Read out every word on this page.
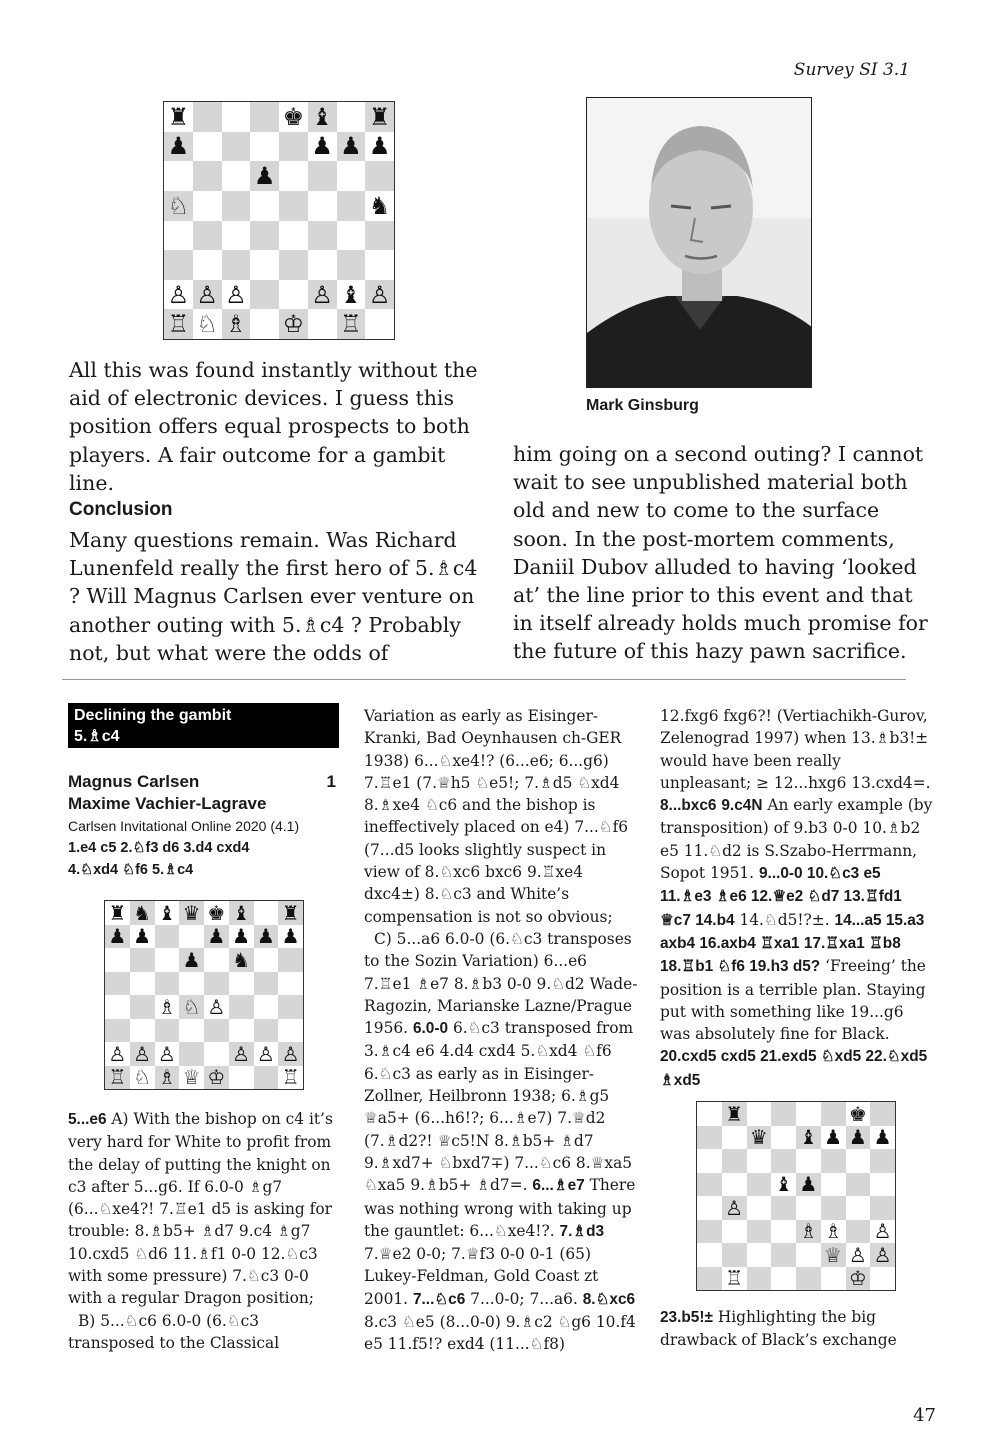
Survey SI 3.1
♜	♚ ♝ ♜
♟	♟ ♟ ♟
♟
♘	♞
♙ ♙ ♙	♙ ♝ ♙
♖ ♘ ♗ ♔ ♖
Mark Ginsburg

All this was found instantly without the aid of electronic devices. I guess this position offers equal prospects to both players. A fair outcome for a gambit line.

Conclusion

Many questions remain. Was Richard Lunenfeld really the first hero of 5.♗c4 ? Will Magnus Carlsen ever venture on another outing with 5.♗c4 ? Probably not, but what were the odds of

him going on a second outing? I cannot wait to see unpublished material both old and new to come to the surface soon. In the post-mortem comments, Daniil Dubov alluded to having ‘looked at’ the line prior to this event and that in itself already holds much promise for the future of this hazy pawn sacrifice.

Declining the gambit
5.♗c4
Magnus Carlsen	1
Maxime Vachier-Lagrave
Carlsen Invitational Online 2020 (4.1)
1.e4 c5 2.♘f3 d6 3.d4 cxd4
4.♘xd4 ♘f6 5.♗c4
♜ ♞ ♝ ♛ ♚ ♝ ♜
♟ ♟	♟ ♟ ♟ ♟
♟ ♞
♗ ♘ ♙
♙ ♙ ♙	♙ ♙ ♙
♖ ♘ ♗ ♕ ♔	♖

5...e6 A) With the bishop on c4 it’s very hard for White to profit from the delay of putting the knight on c3 after 5...g6. If 6.0-0 ♗g7 (6...♘xe4?! 7.♖e1 d5 is asking for trouble: 8.♗b5+ ♗d7 9.c4 ♗g7 10.cxd5 ♘d6 11.♗f1 0-0 12.♘c3 with some pressure) 7.♘c3 0-0 with a regular Dragon position;

B) 5...♘c6 6.0-0 (6.♘c3 transposed to the Classical

Variation as early as Eisinger-Kranki, Bad Oeynhausen ch-GER 1938) 6...♘xe4!? (6...e6; 6...g6) 7.♖e1 (7.♕h5 ♘e5!; 7.♗d5 ♘xd4 8.♗xe4 ♘c6 and the bishop is ineffectively placed on e4) 7...♘f6 (7...d5 looks slightly suspect in view of 8.♘xc6 bxc6 9.♖xe4 dxc4±) 8.♘c3 and White’s compensation is not so obvious;

C) 5...a6 6.0-0 (6.♘c3 transposes to the Sozin Variation) 6...e6 7.♖e1 ♗e7 8.♗b3 0-0 9.♘d2 Wade-Ragozin, Marianske Lazne/Prague 1956. 6.0-0 6.♘c3 transposed from 3.♗c4 e6 4.d4 cxd4 5.♘xd4 ♘f6 6.♘c3 as early as in Eisinger-Zollner, Heilbronn 1938; 6.♗g5 ♕a5+ (6...h6!?; 6...♗e7) 7.♕d2 (7.♗d2?! ♕c5!N 8.♗b5+ ♗d7 9.♗xd7+ ♘bxd7∓) 7...♘c6 8.♕xa5 ♘xa5 9.♗b5+ ♗d7=. 6...♗e7 There was nothing wrong with taking up the gauntlet: 6...♘xe4!?. 7.♗d3 7.♕e2 0-0; 7.♕f3 0-0 0-1 (65) Lukey-Feldman, Gold Coast zt 2001. 7...♘c6 7...0-0; 7...a6. 8.♘xc6 8.c3 ♘e5 (8...0-0) 9.♗c2 ♘g6 10.f4 e5 11.f5!? exd4 (11...♘f8)

12.fxg6 fxg6?! (Vertiachikh-Gurov, Zelenograd 1997) when 13.♗b3!± would have been really unpleasant; ≥ 12...hxg6 13.cxd4=. 8...bxc6 9.c4N An early example (by transposition) of 9.b3 0-0 10.♗b2 e5 11.♘d2 is S.Szabo-Herrmann, Sopot 1951. 9...0-0 10.♘c3 e5 11.♗e3 ♗e6 12.♕e2 ♘d7 13.♖fd1 ♕c7 14.b4 14.♘d5!?±. 14...a5 15.a3 axb4 16.axb4 ♖xa1 17.♖xa1 ♖b8 18.♖b1 ♘f6 19.h3 d5? ‘Freeing’ the position is a terrible plan. Staying put with something like 19...g6 was absolutely fine for Black. 20.cxd5 cxd5 21.exd5 ♘xd5 22.♘xd5 ♗xd5

♜	♚
♛ ♝ ♟ ♟ ♟
♝ ♟
♙
♗ ♗ ♙
♕ ♙ ♙
♖	♔

23.b5!± Highlighting the big drawback of Black’s exchange

47
